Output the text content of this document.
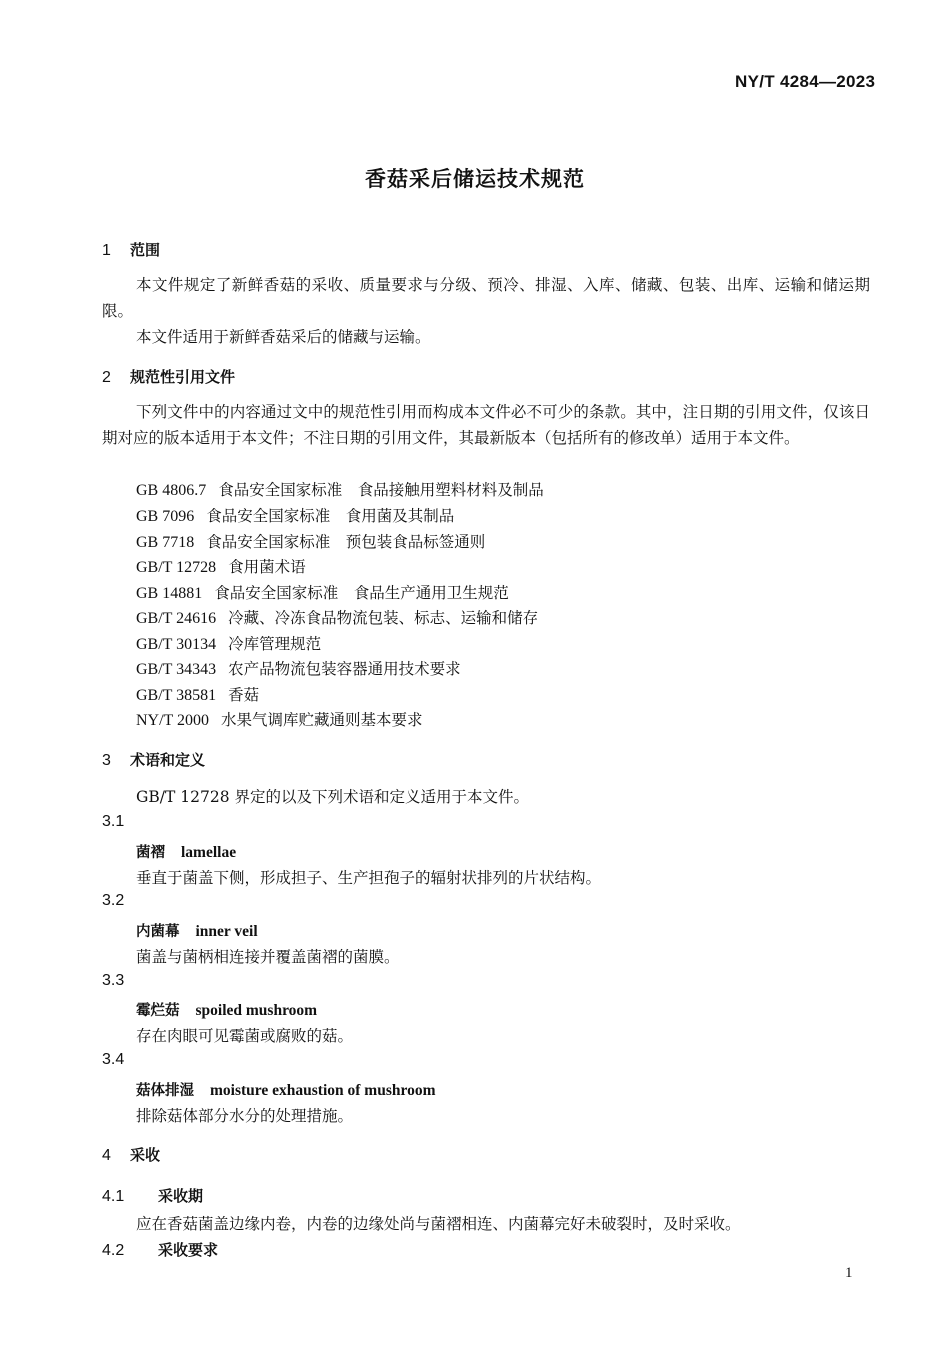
NY/T 4284—2023
香菇采后储运技术规范
1 范围
本文件规定了新鲜香菇的采收、质量要求与分级、预冷、排湿、入库、储藏、包装、出库、运输和储运期限。
本文件适用于新鲜香菇采后的储藏与运输。
2 规范性引用文件
下列文件中的内容通过文中的规范性引用而构成本文件必不可少的条款。其中，注日期的引用文件，仅该日期对应的版本适用于本文件；不注日期的引用文件，其最新版本（包括所有的修改单）适用于本文件。
GB 4806.7 食品安全国家标准　食品接触用塑料材料及制品
GB 7096 食品安全国家标准　食用菌及其制品
GB 7718 食品安全国家标准　预包装食品标签通则
GB/T 12728 食用菌术语
GB 14881 食品安全国家标准　食品生产通用卫生规范
GB/T 24616 冷藏、冷冻食品物流包装、标志、运输和储存
GB/T 30134 冷库管理规范
GB/T 34343 农产品物流包装容器通用技术要求
GB/T 38581 香菇
NY/T 2000 水果气调库贮藏通则基本要求
3 术语和定义
GB/T 12728 界定的以及下列术语和定义适用于本文件。
3.1
菌褶 lamellae
垂直于菌盖下侧，形成担子、生产担孢子的辐射状排列的片状结构。
3.2
内菌幕 inner veil
菌盖与菌柄相连接并覆盖菌褶的菌膜。
3.3
霉烂菇 spoiled mushroom
存在肉眼可见霉菌或腐败的菇。
3.4
菇体排湿 moisture exhaustion of mushroom
排除菇体部分水分的处理措施。
4 采收
4.1 采收期
应在香菇菌盖边缘内卷，内卷的边缘处尚与菌褶相连、内菌幕完好未破裂时，及时采收。
4.2 采收要求
1
